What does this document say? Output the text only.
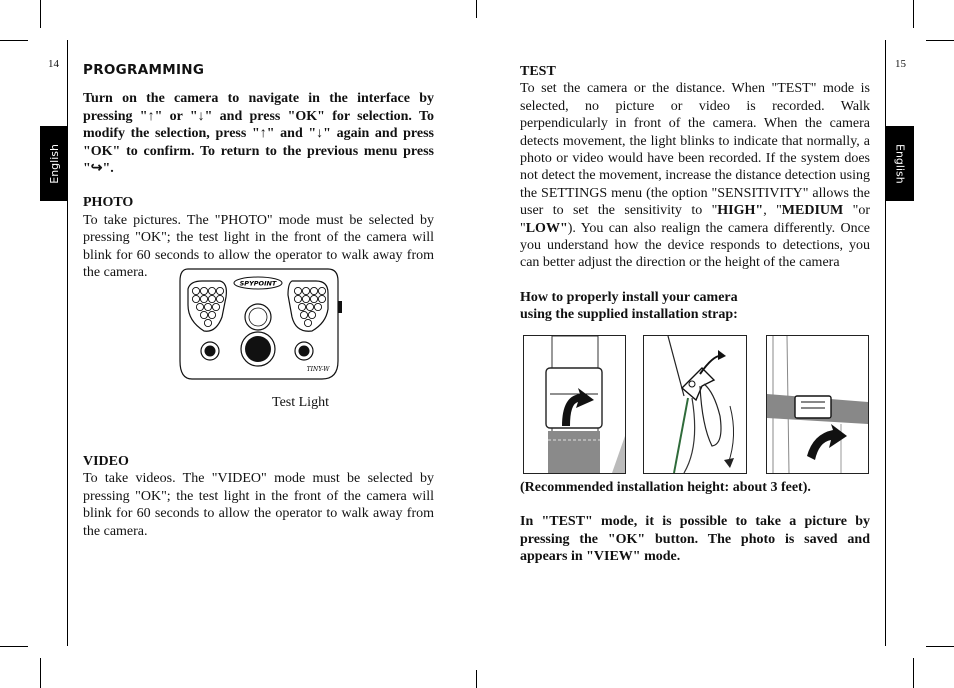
14	15
English	English

PROGRAMMING

Turn on the camera to navigate in the interface by pressing "↑" or "↓" and press "OK" for selection. To modify the selection, press "↑" and "↓" again and press "OK" to confirm. To return to the previous menu press "↪".

PHOTO

To take pictures. The "PHOTO" mode must be selected by pressing "OK"; the test light in the front of the camera will blink for 60 seconds to allow the operator to walk away from the camera.

SPYPOINT
TINY-W
Test Light

VIDEO

To take videos. The "VIDEO" mode must be selected by pressing "OK"; the test light in the front of the camera will blink for 60 seconds to allow the operator to walk away from the camera.

TEST

To set the camera or the distance. When "TEST" mode is selected, no picture or video is recorded. Walk perpendicularly in front of the camera. When the camera detects movement, the light blinks to indicate that normally, a photo or video would have been recorded. If the system does not detect the movement, increase the distance detection using the SETTINGS menu (the option "SENSITIVITY" allows the user to set the sensitivity to "HIGH", "MEDIUM "or "LOW"). You can also realign the camera differently. Once you understand how the device responds to detections, you can better adjust the direction or the height of the camera

How to properly install your camera using the supplied installation strap:

(Recommended installation height: about 3 feet).

In "TEST" mode, it is possible to take a picture by pressing the "OK" button. The photo is saved and appears in "VIEW" mode.
